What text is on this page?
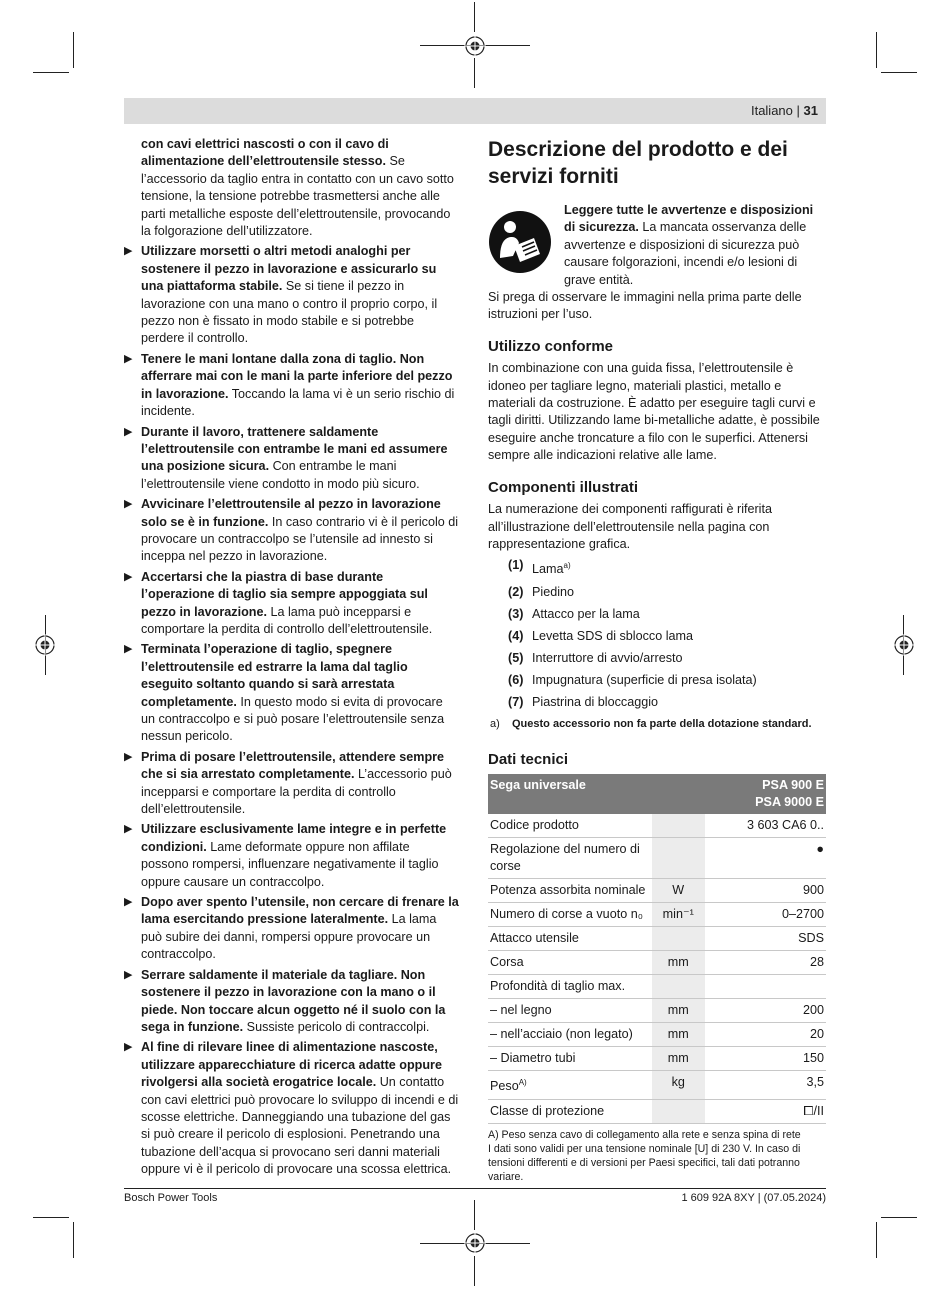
Italiano | 31

con cavi elettrici nascosti o con il cavo di alimentazione dell’elettroutensile stesso. Se l’accessorio da taglio entra in contatto con un cavo sotto tensione, la tensione potrebbe trasmettersi anche alle parti metalliche esposte dell’elettroutensile, provocando la folgorazione dell’utilizzatore.

▶ Utilizzare morsetti o altri metodi analoghi per sostenere il pezzo in lavorazione e assicurarlo su una piattaforma stabile. Se si tiene il pezzo in lavorazione con una mano o contro il proprio corpo, il pezzo non è fissato in modo stabile e si potrebbe perdere il controllo.
▶ Tenere le mani lontane dalla zona di taglio. Non afferrare mai con le mani la parte inferiore del pezzo in lavorazione. Toccando la lama vi è un serio rischio di incidente.
▶ Durante il lavoro, trattenere saldamente l’elettroutensile con entrambe le mani ed assumere una posizione sicura. Con entrambe le mani l’elettroutensile viene condotto in modo più sicuro.
▶ Avvicinare l’elettroutensile al pezzo in lavorazione solo se è in funzione. In caso contrario vi è il pericolo di provocare un contraccolpo se l’utensile ad innesto si inceppa nel pezzo in lavorazione.
▶ Accertarsi che la piastra di base durante l’operazione di taglio sia sempre appoggiata sul pezzo in lavorazione. La lama può incepparsi e comportare la perdita di controllo dell’elettroutensile.
▶ Terminata l’operazione di taglio, spegnere l’elettroutensile ed estrarre la lama dal taglio eseguito soltanto quando si sarà arrestata completamente. In questo modo si evita di provocare un contraccolpo e si può posare l’elettroutensile senza nessun pericolo.
▶ Prima di posare l’elettroutensile, attendere sempre che si sia arrestato completamente. L’accessorio può incepparsi e comportare la perdita di controllo dell’elettroutensile.
▶ Utilizzare esclusivamente lame integre e in perfette condizioni. Lame deformate oppure non affilate possono rompersi, influenzare negativamente il taglio oppure causare un contraccolpo.
▶ Dopo aver spento l’utensile, non cercare di frenare la lama esercitando pressione lateralmente. La lama può subire dei danni, rompersi oppure provocare un contraccolpo.
▶ Serrare saldamente il materiale da tagliare. Non sostenere il pezzo in lavorazione con la mano o il piede. Non toccare alcun oggetto né il suolo con la sega in funzione. Sussiste pericolo di contraccolpi.
▶ Al fine di rilevare linee di alimentazione nascoste, utilizzare apparecchiature di ricerca adatte oppure rivolgersi alla società erogatrice locale. Un contatto con cavi elettrici può provocare lo sviluppo di incendi e di scosse elettriche. Danneggiando una tubazione del gas si può creare il pericolo di esplosioni. Penetrando una tubazione dell’acqua si provocano seri danni materiali oppure vi è il pericolo di provocare una scossa elettrica.
Descrizione del prodotto e dei servizi forniti
Leggere tutte le avvertenze e disposizioni di sicurezza. La mancata osservanza delle avvertenze e disposizioni di sicurezza può causare folgorazioni, incendi e/o lesioni di grave entità.

Si prega di osservare le immagini nella prima parte delle istruzioni per l’uso.

Utilizzo conforme

In combinazione con una guida fissa, l’elettroutensile è idoneo per tagliare legno, materiali plastici, metallo e materiali da costruzione. È adatto per eseguire tagli curvi e tagli diritti. Utilizzando lame bi-metalliche adatte, è possibile eseguire anche troncature a filo con le superfici. Attenersi sempre alle indicazioni relative alle lame.

Componenti illustrati

La numerazione dei componenti raffigurati è riferita all’illustrazione dell’elettroutensile nella pagina con rappresentazione grafica.

(1) Lama$^{a)}$
(2) Piedino
(3) Attacco per la lama
(4) Levetta SDS di sblocco lama
(5) Interruttore di avvio/arresto
(6) Impugnatura (superficie di presa isolata)
(7) Piastrina di bloccaggio
a) Questo accessorio non fa parte della dotazione standard.
Dati tecnici
Sega universale		PSA 900 E
PSA 9000 E

Codice prodotto		3 603 CA6 0..
Regolazione del numero di corse		●
Potenza assorbita nominale	W	900
Numero di corse a vuoto n₀	min⁻¹	0–2700
Attacco utensile		SDS
Corsa	mm	28
Profondità di taglio max.		
– nel legno	mm	200
– nell’acciaio (non legato)	mm	20
– Diametro tubi	mm	150
Peso$^{A)}$	kg	3,5
Classe di protezione		⧠/II
A) Peso senza cavo di collegamento alla rete e senza spina di rete
I dati sono validi per una tensione nominale [U] di 230 V. In caso di tensioni differenti e di versioni per Paesi specifici, tali dati potranno variare.
Bosch Power Tools	1 609 92A 8XY | (07.05.2024)
